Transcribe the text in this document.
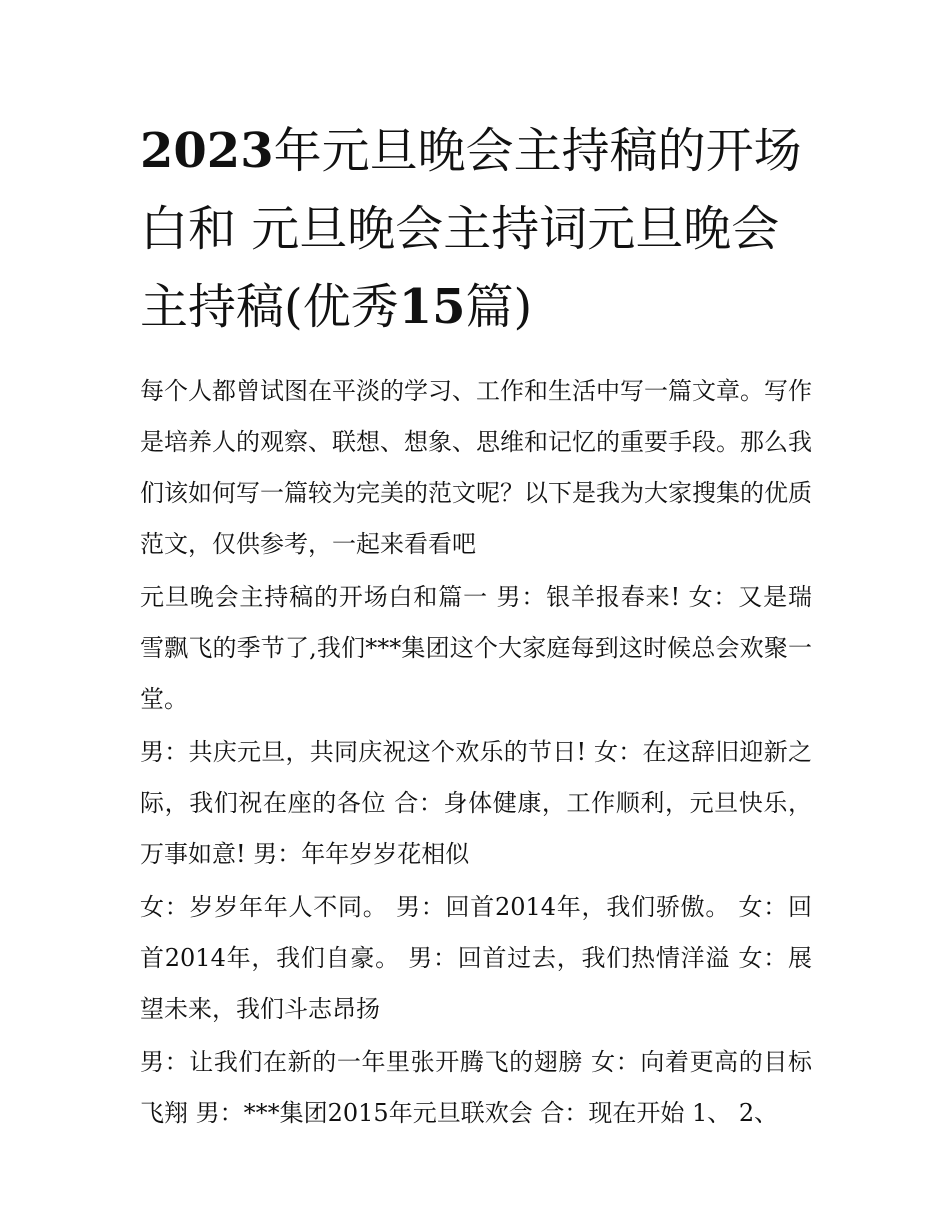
2023年元旦晚会主持稿的开场白和 元旦晚会主持词元旦晚会主持稿(优秀15篇)

每个人都曾试图在平淡的学习、工作和生活中写一篇文章。写作是培养人的观察、联想、想象、思维和记忆的重要手段。那么我们该如何写一篇较为完美的范文呢？以下是我为大家搜集的优质范文，仅供参考，一起来看看吧

元旦晚会主持稿的开场白和篇一 男：银羊报春来! 女：又是瑞雪飘飞的季节了,我们***集团这个大家庭每到这时候总会欢聚一堂。

男：共庆元旦，共同庆祝这个欢乐的节日! 女：在这辞旧迎新之际，我们祝在座的各位 合：身体健康，工作顺利，元旦快乐，万事如意! 男：年年岁岁花相似

女：岁岁年年人不同。 男：回首2014年，我们骄傲。 女：回首2014年，我们自豪。 男：回首过去，我们热情洋溢 女：展望未来，我们斗志昂扬

男：让我们在新的一年里张开腾飞的翅膀 女：向着更高的目标飞翔 男：***集团2015年元旦联欢会 合：现在开始 1、 2、
